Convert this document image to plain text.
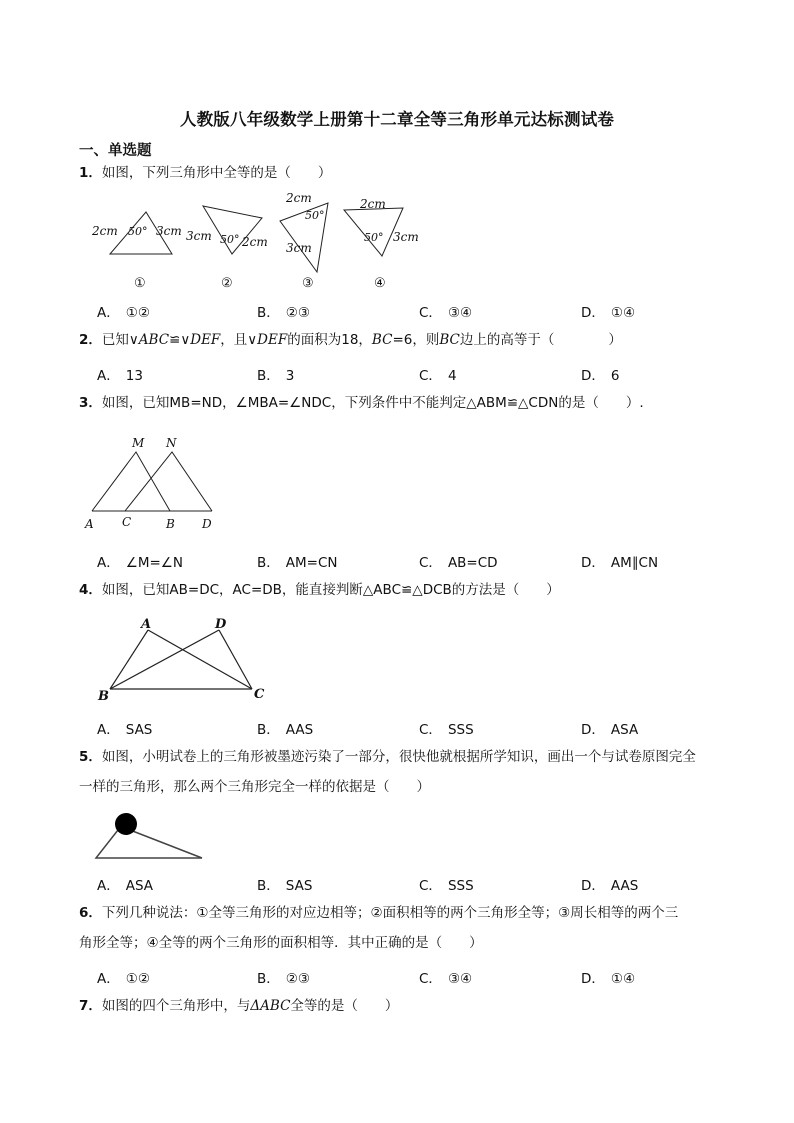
人教版八年级数学上册第十二章全等三角形单元达标测试卷
一、单选题
1．如图，下列三角形中全等的是（　　）
2cm	3cm
50°	3cm	2cm
50°
2cm
3cm
50°
2cm
3cm
50°
①	②	③	④
A． ①②	B． ②③	C． ③④	D． ①④
2．已知∨ABC≌∨DEF，且∨DEF的面积为18，BC=6，则BC边上的高等于（　　　　）
A． 13	B． 3	C． 4	D． 6
3．如图，已知MB=ND，∠MBA=∠NDC，下列条件中不能判定△ABM≌△CDN的是（　　）.
M N
A C	B D
A． ∠M=∠N	B． AM=CN	C． AB=CD	D． AM∥CN
4．如图，已知AB=DC，AC=DB，能直接判断△ABC≌△DCB的方法是（　　）
A	D
B	C
A． SAS	B． AAS	C． SSS	D． ASA
5．如图，小明试卷上的三角形被墨迹污染了一部分，很快他就根据所学知识，画出一个与试卷原图完全
一样的三角形，那么两个三角形完全一样的依据是（　　）
A． ASA	B． SAS	C． SSS	D． AAS
6．下列几种说法：①全等三角形的对应边相等；②面积相等的两个三角形全等；③周长相等的两个三
角形全等；④全等的两个三角形的面积相等．其中正确的是（　　）
A． ①②	B． ②③	C． ③④	D． ①④
7．如图的四个三角形中，与ΔABC全等的是（　　）
